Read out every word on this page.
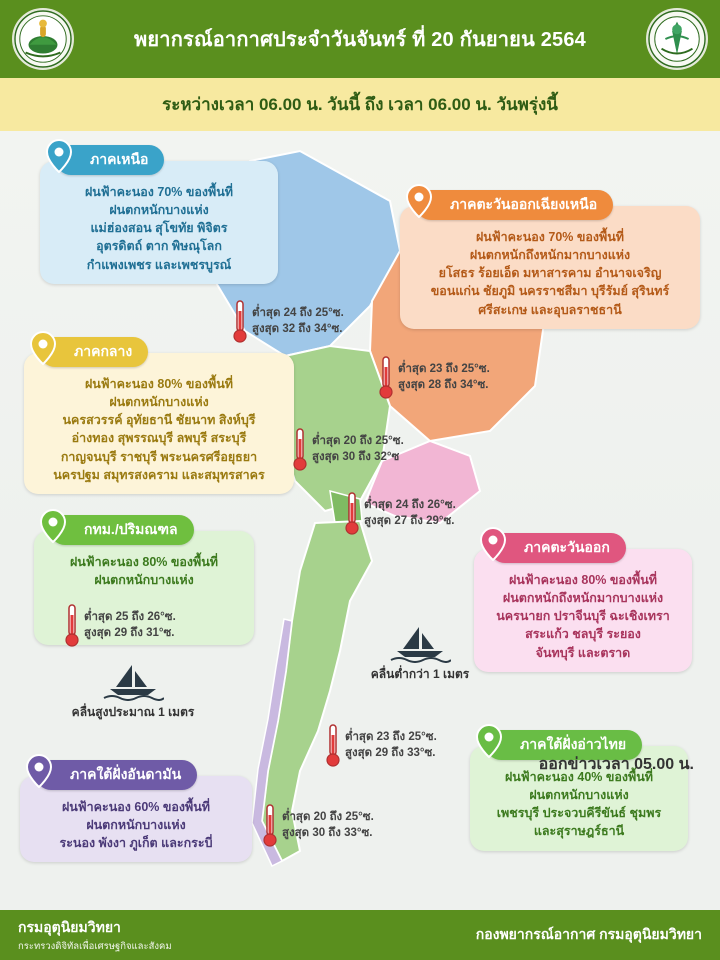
พยากรณ์อากาศประจำวันจันทร์ ที่ 20 กันยายน 2564
ระหว่างเวลา 06.00 น. วันนี้ ถึง เวลา 06.00 น. วันพรุ่งนี้
ภาคเหนือ
ฝนฟ้าคะนอง 70% ของพื้นที่
ฝนตกหนักบางแห่ง
แม่ฮ่องสอน สุโขทัย พิจิตร
อุตรดิตถ์ ตาก พิษณุโลก
กำแพงเพชร และเพชรบูรณ์
ภาคตะวันออกเฉียงเหนือ
ฝนฟ้าคะนอง 70% ของพื้นที่
ฝนตกหนักถึงหนักมากบางแห่ง
ยโสธร ร้อยเอ็ด มหาสารคาม อำนาจเจริญ
ขอนแก่น ชัยภูมิ นครราชสีมา บุรีรัมย์ สุรินทร์
ศรีสะเกษ และอุบลราชธานี
ภาคกลาง
ฝนฟ้าคะนอง 80% ของพื้นที่
ฝนตกหนักบางแห่ง
นครสวรรค์ อุทัยธานี ชัยนาท สิงห์บุรี
อ่างทอง สุพรรณบุรี ลพบุรี สระบุรี
กาญจนบุรี ราชบุรี พระนครศรีอยุธยา
นครปฐม สมุทรสงคราม และสมุทรสาคร
กทม./ปริมณฑล
ฝนฟ้าคะนอง 80% ของพื้นที่
ฝนตกหนักบางแห่ง
ต่ำสุด 25 ถึง 26°ซ.
สูงสุด 29 ถึง 31°ซ.
ภาคตะวันออก
ฝนฟ้าคะนอง 80% ของพื้นที่
ฝนตกหนักถึงหนักมากบางแห่ง
นครนายก ปราจีนบุรี ฉะเชิงเทรา
สระแก้ว ชลบุรี ระยอง
จันทบุรี และตราด
ภาคใต้ฝั่งอ่าวไทย
ฝนฟ้าคะนอง 40% ของพื้นที่
ฝนตกหนักบางแห่ง
เพชรบุรี ประจวบคีรีขันธ์ ชุมพร
และสุราษฎร์ธานี
ภาคใต้ฝั่งอันดามัน
ฝนฟ้าคะนอง 60% ของพื้นที่
ฝนตกหนักบางแห่ง
ระนอง พังงา ภูเก็ต และกระบี่
ต่ำสุด 24 ถึง 25°ซ.
สูงสุด 32 ถึง 34°ซ.
ต่ำสุด 23 ถึง 25°ซ.
สูงสุด 28 ถึง 34°ซ.
ต่ำสุด 20 ถึง 25°ซ.
สูงสุด 30 ถึง 32°ซ
ต่ำสุด 24 ถึง 26°ซ.
สูงสุด 27 ถึง 29°ซ.
ต่ำสุด 23 ถึง 25°ซ.
สูงสุด 29 ถึง 33°ซ.
ต่ำสุด 20 ถึง 25°ซ.
สูงสุด 30 ถึง 33°ซ.
คลื่นสูงประมาณ 1 เมตร
คลื่นต่ำกว่า 1 เมตร
ออกข่าวเวลา 05.00 น.
กรมอุตุนิยมวิทยา
กระทรวงดิจิทัลเพื่อเศรษฐกิจและสังคม
กองพยากรณ์อากาศ กรมอุตุนิยมวิทยา
